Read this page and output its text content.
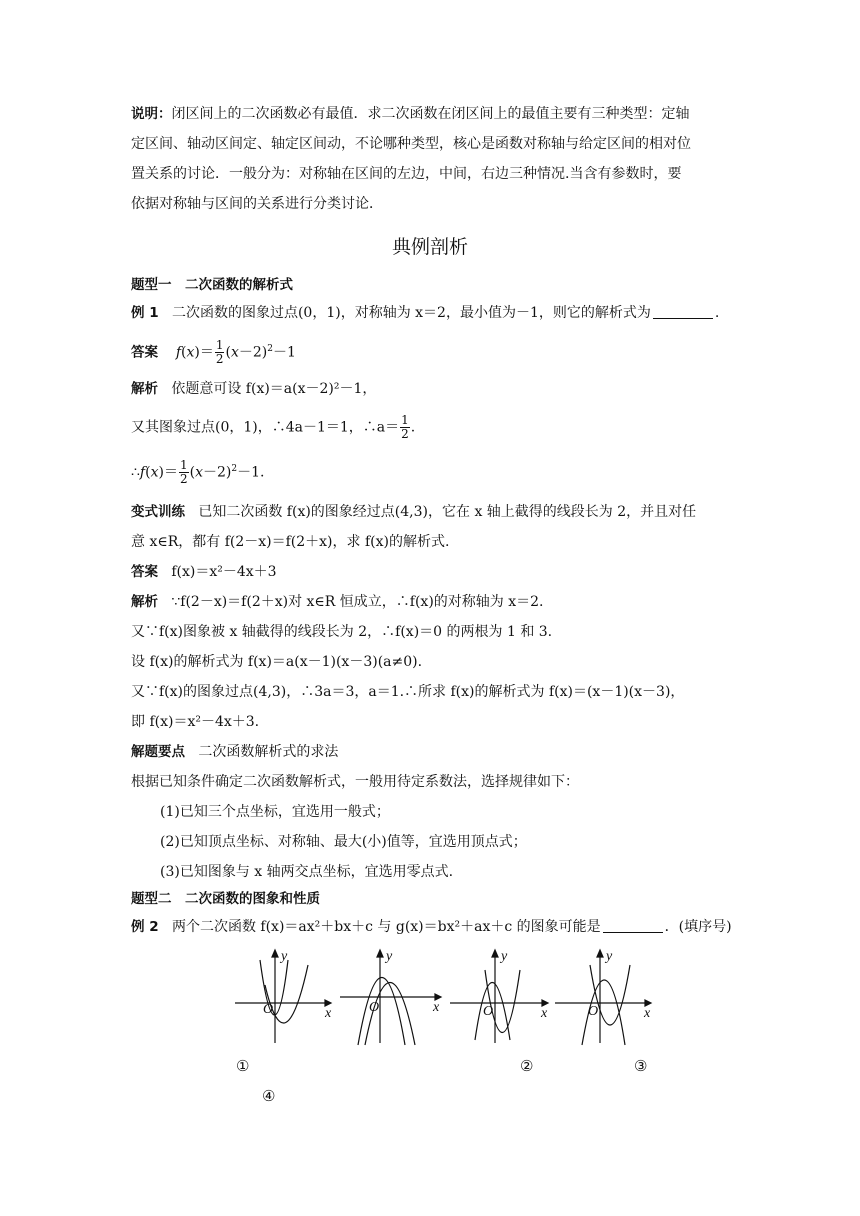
说明：闭区间上的二次函数必有最值．求二次函数在闭区间上的最值主要有三种类型：定轴
定区间、轴动区间定、轴定区间动，不论哪种类型，核心是函数对称轴与给定区间的相对位
置关系的讨论．一般分为：对称轴在区间的左边，中间，右边三种情况.当含有参数时，要
依据对称轴与区间的关系进行分类讨论．
典例剖析
题型一　二次函数的解析式
例 1 二次函数的图象过点(0，1)，对称轴为 x＝2，最小值为－1，则它的解析式为	.
答案 $f(x)= \frac{1}{2} (x-2)^2-1$
解析 依题意可设 f(x)＝a(x－2)²－1，
又其图象过点(0，1)，∴4a－1＝1，∴a＝ $\frac{1}{2}$ .
∴f(x)＝ $\frac{1}{2} (x-2)^2-1$.
变式训练 已知二次函数 f(x)的图象经过点(4,3)，它在 x 轴上截得的线段长为 2，并且对任
意 x∈R，都有 f(2－x)＝f(2＋x)，求 f(x)的解析式.
答案 f(x)＝x²－4x＋3
解析 ∵f(2－x)＝f(2＋x)对 x∈R 恒成立，∴f(x)的对称轴为 x＝2.
又∵f(x)图象被 x 轴截得的线段长为 2，∴f(x)＝0 的两根为 1 和 3.
设 f(x)的解析式为 f(x)＝a(x－1)(x－3)(a≠0).
又∵f(x)的图象过点(4,3)，∴3a＝3，a＝1.∴所求 f(x)的解析式为 f(x)＝(x－1)(x－3)，
即 f(x)＝x²－4x＋3.
解题要点 二次函数解析式的求法
根据已知条件确定二次函数解析式，一般用待定系数法，选择规律如下：
(1)已知三个点坐标，宜选用一般式；
(2)已知顶点坐标、对称轴、最大(小)值等，宜选用顶点式；
(3)已知图象与 x 轴两交点坐标，宜选用零点式.
题型二　二次函数的图象和性质
例 2 两个二次函数 f(x)＝ax²＋bx＋c 与 g(x)＝bx²＋ax＋c 的图象可能是	．(填序号)
y
x
O
y
x
O
y
x
O
y
x
O
①	②	③
④
